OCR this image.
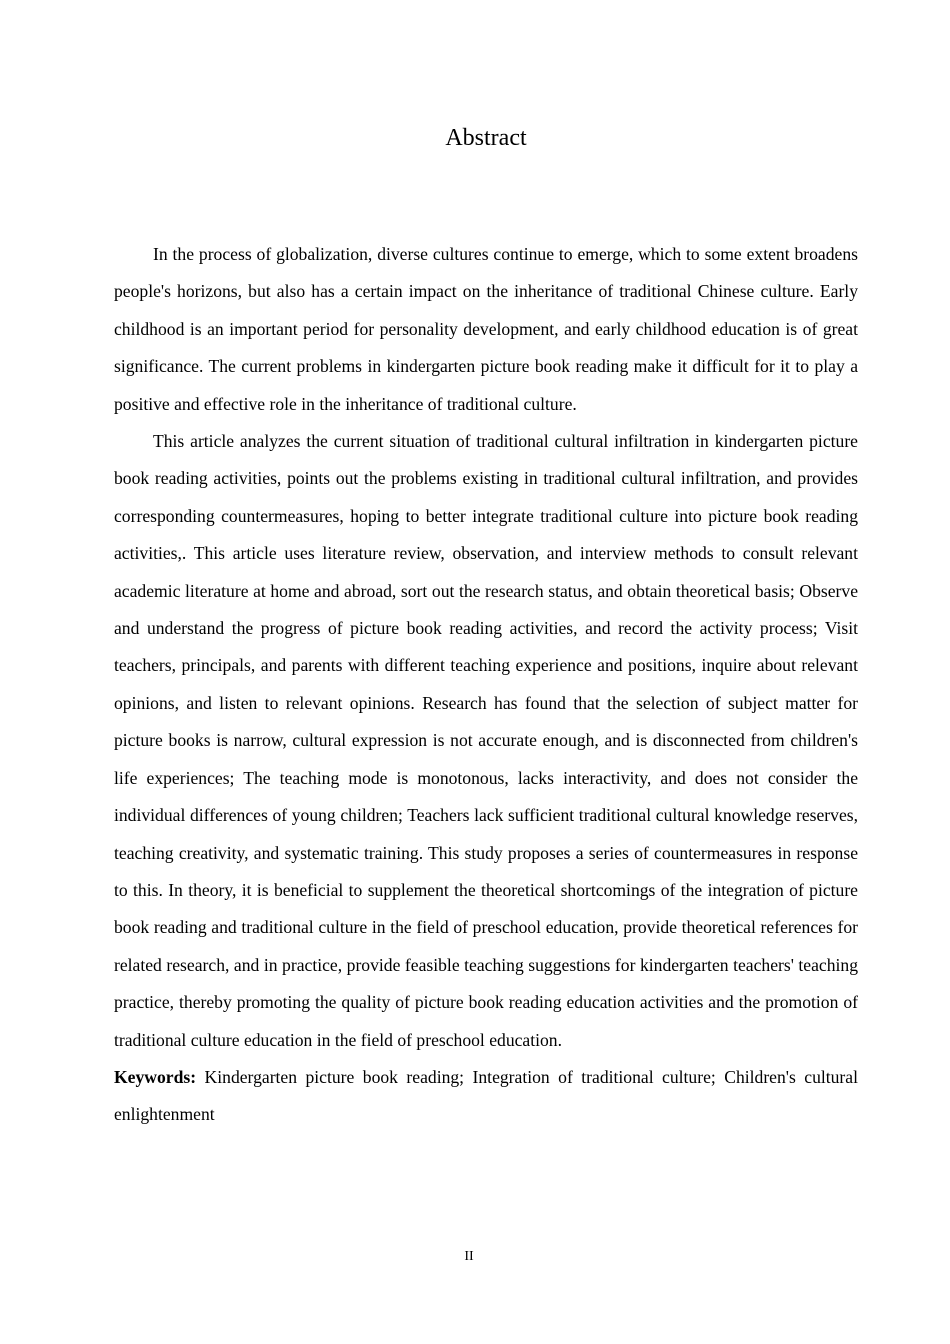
Abstract

In the process of globalization, diverse cultures continue to emerge, which to some extent broadens people's horizons, but also has a certain impact on the inheritance of traditional Chinese culture. Early childhood is an important period for personality development, and early childhood education is of great significance. The current problems in kindergarten picture book reading make it difficult for it to play a positive and effective role in the inheritance of traditional culture.

This article analyzes the current situation of traditional cultural infiltration in kindergarten picture book reading activities, points out the problems existing in traditional cultural infiltration, and provides corresponding countermeasures, hoping to better integrate traditional culture into picture book reading activities,. This article uses literature review, observation, and interview methods to consult relevant academic literature at home and abroad, sort out the research status, and obtain theoretical basis; Observe and understand the progress of picture book reading activities, and record the activity process; Visit teachers, principals, and parents with different teaching experience and positions, inquire about relevant opinions, and listen to relevant opinions. Research has found that the selection of subject matter for picture books is narrow, cultural expression is not accurate enough, and is disconnected from children's life experiences; The teaching mode is monotonous, lacks interactivity, and does not consider the individual differences of young children; Teachers lack sufficient traditional cultural knowledge reserves, teaching creativity, and systematic training. This study proposes a series of countermeasures in response to this. In theory, it is beneficial to supplement the theoretical shortcomings of the integration of picture book reading and traditional culture in the field of preschool education, provide theoretical references for related research, and in practice, provide feasible teaching suggestions for kindergarten teachers' teaching practice, thereby promoting the quality of picture book reading education activities and the promotion of traditional culture education in the field of preschool education.

Keywords: Kindergarten picture book reading; Integration of traditional culture; Children's cultural enlightenment

II
